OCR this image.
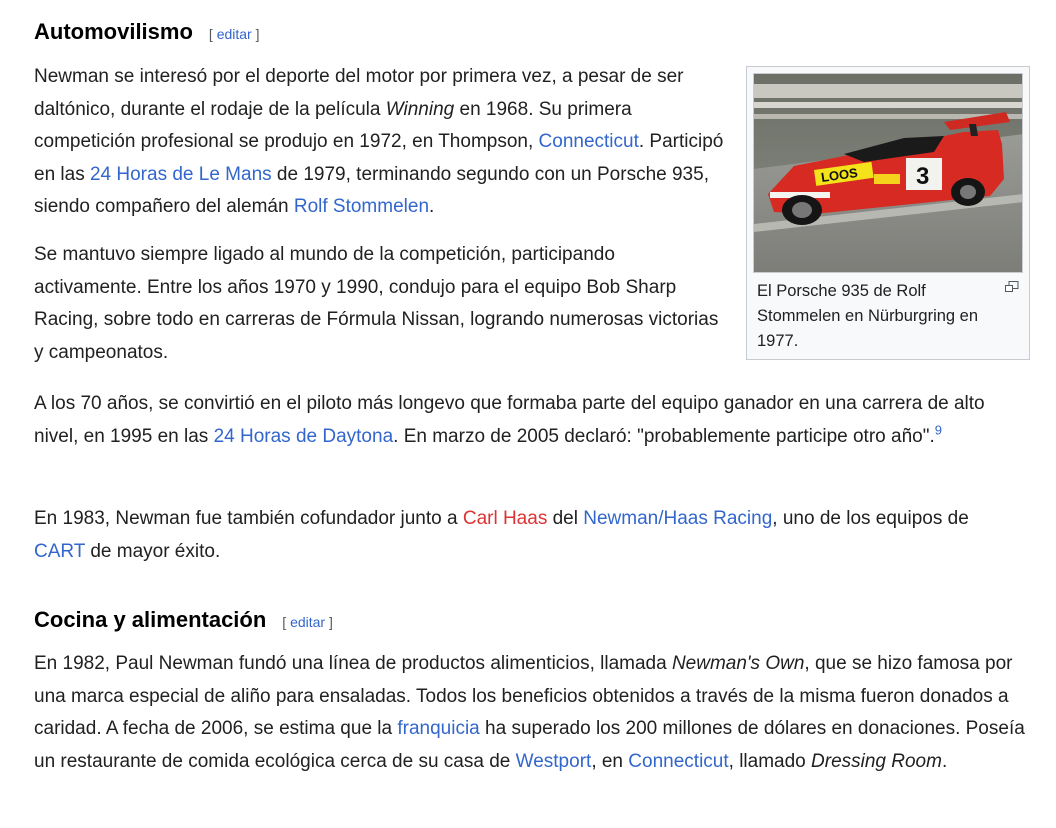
Automovilismo [ editar ]
3
LOOS
El Porsche 935 de Rolf Stommelen en Nürburgring en 1977.

Newman se interesó por el deporte del motor por primera vez, a pesar de ser daltónico, durante el rodaje de la película Winning en 1968. Su primera competición profesional se produjo en 1972, en Thompson, Connecticut. Participó en las 24 Horas de Le Mans de 1979, terminando segundo con un Porsche 935, siendo compañero del alemán Rolf Stommelen.

Se mantuvo siempre ligado al mundo de la competición, participando activamente. Entre los años 1970 y 1990, condujo para el equipo Bob Sharp Racing, sobre todo en carreras de Fórmula Nissan, logrando numerosas victorias y campeonatos.

A los 70 años, se convirtió en el piloto más longevo que formaba parte del equipo ganador en una carrera de alto nivel, en 1995 en las 24 Horas de Daytona. En marzo de 2005 declaró: "probablemente participe otro año".$^9$

En 1983, Newman fue también cofundador junto a Carl Haas del Newman/Haas Racing, uno de los equipos de CART de mayor éxito.

Cocina y alimentación [ editar ]

En 1982, Paul Newman fundó una línea de productos alimenticios, llamada Newman's Own, que se hizo famosa por una marca especial de aliño para ensaladas. Todos los beneficios obtenidos a través de la misma fueron donados a caridad. A fecha de 2006, se estima que la franquicia ha superado los 200 millones de dólares en donaciones. Poseía un restaurante de comida ecológica cerca de su casa de Westport, en Connecticut, llamado Dressing Room.
